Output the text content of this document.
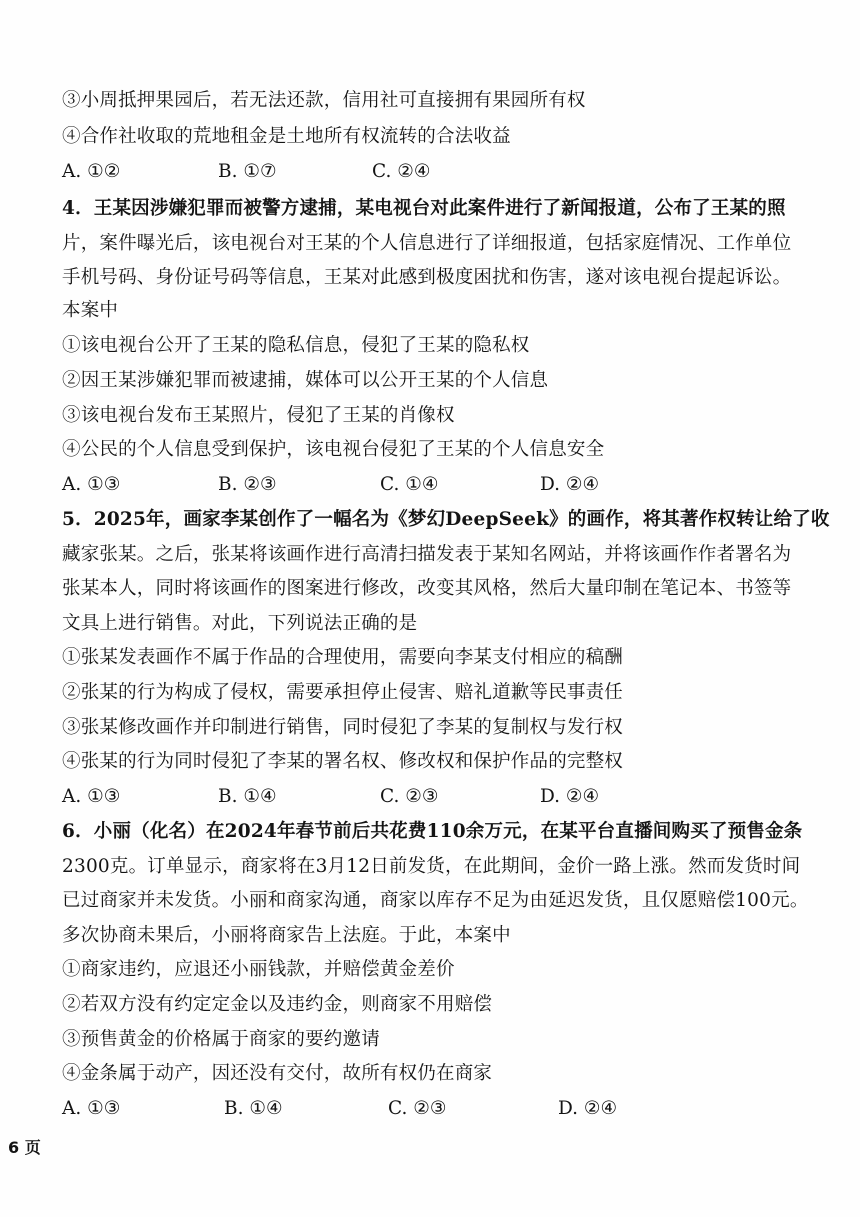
③小周抵押果园后，若无法还款，信用社可直接拥有果园所有权
④合作社收取的荒地租金是土地所有权流转的合法收益
A. ①②	B. ①⑦	C. ②④
4．王某因涉嫌犯罪而被警方逮捕，某电视台对此案件进行了新闻报道，公布了王某的照
片，案件曝光后，该电视台对王某的个人信息进行了详细报道，包括家庭情况、工作单位
手机号码、身份证号码等信息，王某对此感到极度困扰和伤害，遂对该电视台提起诉讼。
本案中
①该电视台公开了王某的隐私信息，侵犯了王某的隐私权
②因王某涉嫌犯罪而被逮捕，媒体可以公开王某的个人信息
③该电视台发布王某照片，侵犯了王某的肖像权
④公民的个人信息受到保护，该电视台侵犯了王某的个人信息安全
A. ①③	B. ②③	C. ①④	D. ②④
5．2025年，画家李某创作了一幅名为《梦幻DeepSeek》的画作，将其著作权转让给了收
藏家张某。之后，张某将该画作进行高清扫描发表于某知名网站，并将该画作作者署名为
张某本人，同时将该画作的图案进行修改，改变其风格，然后大量印制在笔记本、书签等
文具上进行销售。对此，下列说法正确的是
①张某发表画作不属于作品的合理使用，需要向李某支付相应的稿酬
②张某的行为构成了侵权，需要承担停止侵害、赔礼道歉等民事责任
③张某修改画作并印制进行销售，同时侵犯了李某的复制权与发行权
④张某的行为同时侵犯了李某的署名权、修改权和保护作品的完整权
A. ①③	B. ①④	C. ②③	D. ②④
6．小丽（化名）在2024年春节前后共花费110余万元，在某平台直播间购买了预售金条
2300克。订单显示，商家将在3月12日前发货，在此期间，金价一路上涨。然而发货时间
已过商家并未发货。小丽和商家沟通，商家以库存不足为由延迟发货，且仅愿赔偿100元。
多次协商未果后，小丽将商家告上法庭。于此，本案中
①商家违约，应退还小丽钱款，并赔偿黄金差价
②若双方没有约定定金以及违约金，则商家不用赔偿
③预售黄金的价格属于商家的要约邀请
④金条属于动产，因还没有交付，故所有权仍在商家
A. ①③	B. ①④	C. ②③	D. ②④
6 页
